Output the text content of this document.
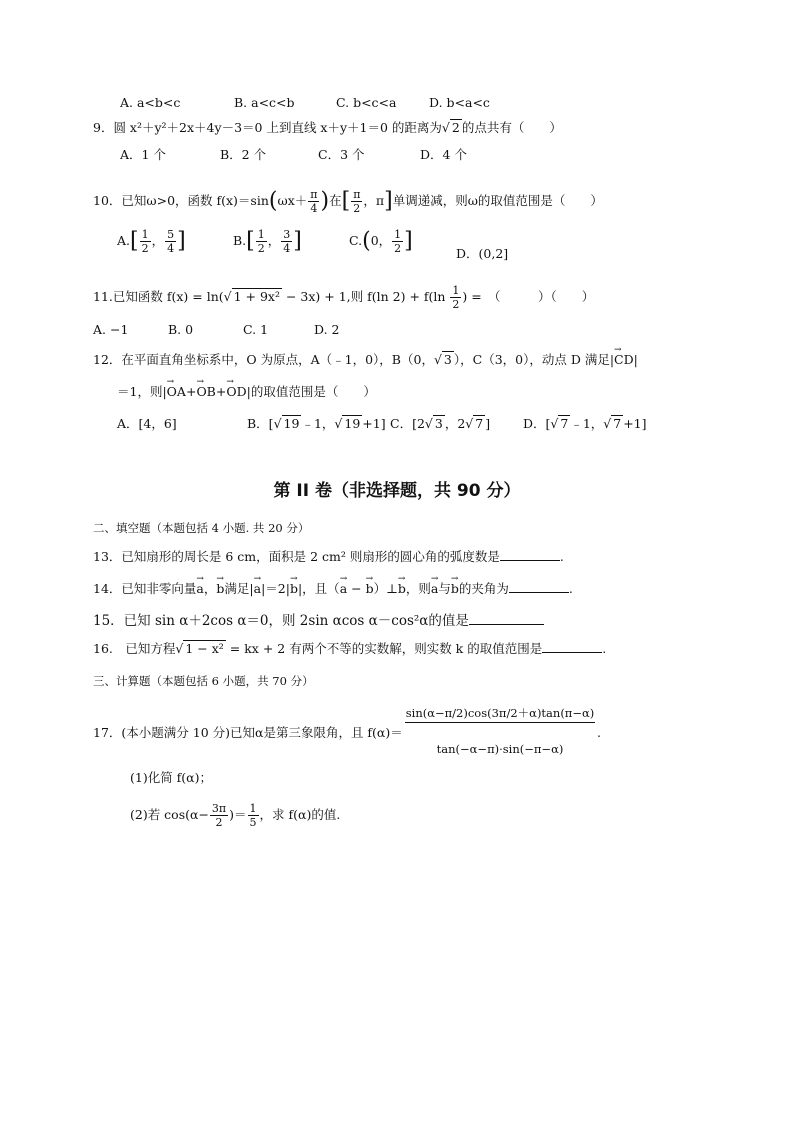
A. a<b<c	B. a<c<b	C. b<c<a	D. b<a<c
9．圆 x²＋y²＋2x＋4y－3＝0 上到直线 x＋y＋1＝0 的距离为√ 2 的点共有（　　）
A．1 个	B．2 个	C．3 个	D．4 个
10．已知ω>0，函数 $f(x)=\sin(\omega x+ \frac{\pi}{4}$ )在[ $\frac{\pi}{2}$ ，π]单调递减，则ω的取值范围是（　　）
$A.[ \frac{1}{2}$ ， $\frac{5}{4}$ ]	$B.[ \frac{1}{2}$ ， $\frac{3}{4}$ ]	C.(0， $\frac{1}{2}$ ]	D．(0,2]
11.已知函数 f(x) = ln(√ 1 + 9x² − 3x) + 1,则 f(ln $2) + f(\ln \frac{1}{2}$ ) =　（　　　）（　　）
A. −1	B. 0	C. 1	D. 2
12．在平面直角坐标系中，O 为原点，A（﹣1，0），B（0，√ 3 ），C（3，0），动点 D 满足|→ CD|
＝1，则|→ OA+→ OB+→ OD|的取值范围是（　　）
A．[4，6]	B．[√ 19 ﹣1，√ 19 +1] C．[2√ 3 ，2√ 7 ]	D．[√ 7 ﹣1，√ 7 +1]
第 II 卷（非选择题，共 90 分）
二、填空题（本题包括 4 小题. 共 20 分）
13．已知扇形的周长是 6 cm，面积是 2 cm² 则扇形的圆心角的弧度数是	.
14．已知非零向量→ a，→ b满足|→ a|＝2|→ b|，且（→ a − → b）⊥→ b，则→ a与→ b的夹角为	.
15．已知 sin α＋2cos α＝0，则 2sin αcos α－cos²α的值是
16.　已知方程√ 1 − x² = kx + 2 有两个不等的实数解，则实数 k 的取值范围是	.
三、计算题（本题包括 6 小题，共 70 分）
17．(本小题满分 10 分)已知α是第三象限角，且 f(α)＝
sin(α−π/2)cos(3π/2＋α)tan(π−α)
tan(−α−π)·sin(−π−α)
.
(1)化简 f(α)；
(2)若 $\cos(\alpha- \frac{3\pi}{2}$ )＝ $\frac{1}{5}$ ，求 f(α)的值.
